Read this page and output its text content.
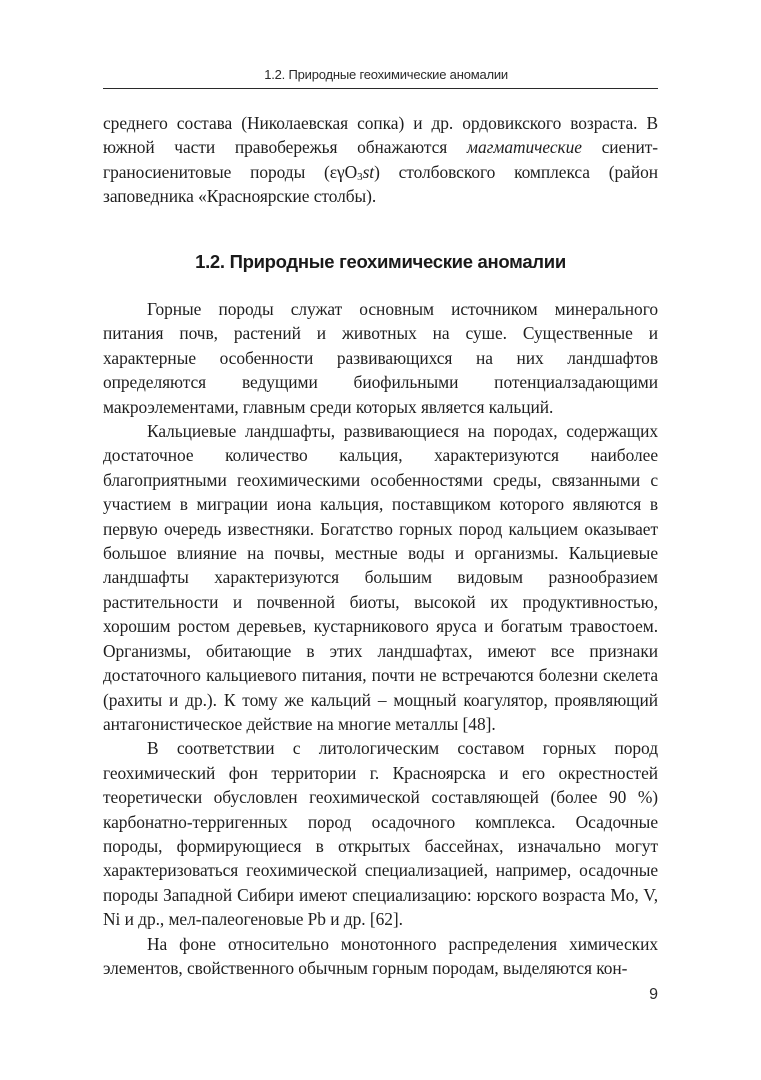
1.2. Природные геохимические аномалии

среднего состава (Николаевская сопка) и др. ордовикского возраста. В южной части правобережья обнажаются магматические сиенит-граносиенитовые породы (εγO$_3$st) столбовского комплекса (район заповедника «Красноярские столбы).

1.2. Природные геохимические аномалии

Горные породы служат основным источником минерального питания почв, растений и животных на суше. Существенные и характерные особенности развивающихся на них ландшафтов определяются ведущими биофильными потенциалзадающими макроэлементами, главным среди которых является кальций.

Кальциевые ландшафты, развивающиеся на породах, содержащих достаточное количество кальция, характеризуются наиболее благоприятными геохимическими особенностями среды, связанными с участием в миграции иона кальция, поставщиком которого являются в первую очередь известняки. Богатство горных пород кальцием оказывает большое влияние на почвы, местные воды и организмы. Кальциевые ландшафты характеризуются большим видовым разнообразием растительности и почвенной биоты, высокой их продуктивностью, хорошим ростом деревьев, кустарникового яруса и богатым травостоем. Организмы, обитающие в этих ландшафтах, имеют все признаки достаточного кальциевого питания, почти не встречаются болезни скелета (рахиты и др.). К тому же кальций – мощный коагулятор, проявляющий антагонистическое действие на многие металлы [48].

В соответствии с литологическим составом горных пород геохимический фон территории г. Красноярска и его окрестностей теоретически обусловлен геохимической составляющей (более 90 %) карбонатно-терригенных пород осадочного комплекса. Осадочные породы, формирующиеся в открытых бассейнах, изначально могут характеризоваться геохимической специализацией, например, осадочные породы Западной Сибири имеют специализацию: юрского возраста Mo, V, Ni и др., мел-палеогеновые Pb и др. [62].

На фоне относительно монотонного распределения химических элементов, свойственного обычным горным породам, выделяются кон-

9
